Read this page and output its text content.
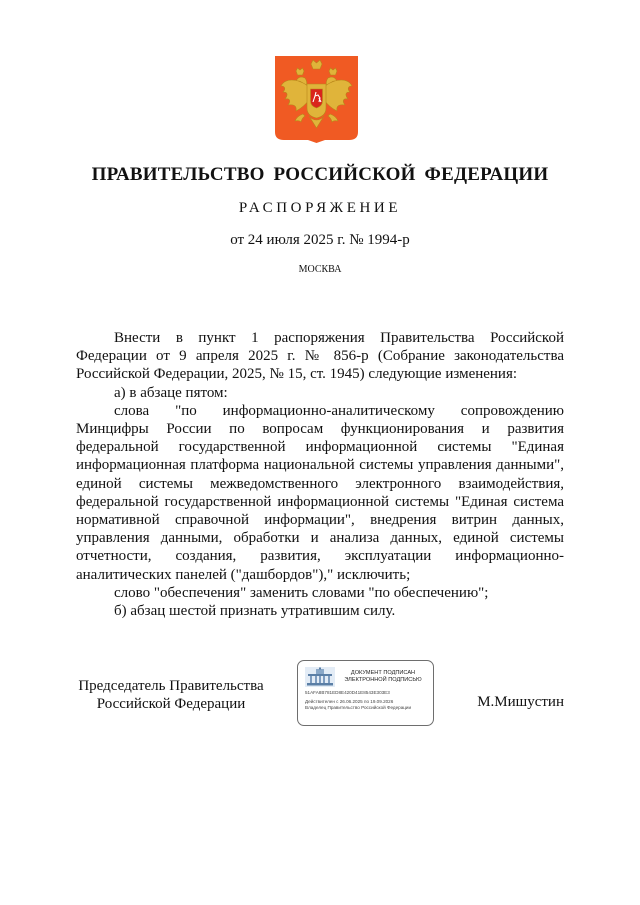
ПРАВИТЕЛЬСТВО РОССИЙСКОЙ ФЕДЕРАЦИИ
РАСПОРЯЖЕНИЕ
от 24 июля 2025 г. № 1994-р
МОСКВА

Внести в пункт 1 распоряжения Правительства Российской Федерации от 9 апреля 2025 г. № 856-р (Собрание законодательства Российской Федерации, 2025, № 15, ст. 1945) следующие изменения:

а) в абзаце пятом:

слова "по информационно-аналитическому сопровождению Минцифры России по вопросам функционирования и развития федеральной государственной информационной системы "Единая информационная платформа национальной системы управления данными", единой системы межведомственного электронного взаимодействия, федеральной государственной информационной системы "Единая система нормативной справочной информации", внедрения витрин данных, управления данными, обработки и анализа данных, единой системы отчетности, создания, развития, эксплуатации информационно-аналитических панелей ("дашбордов")," исключить;

слово "обеспечения" заменить словами "по обеспечению";

б) абзац шестой признать утратившим силу.

Председатель Правительства
Российской Федерации
ДОКУМЕНТ ПОДПИСАН
ЭЛЕКТРОННОЙ ПОДПИСЬЮ
51AFA8B781ED8E420D41E8543E303E3
Действителен с 26.06.2025 по 19.09.2026
Владелец Правительство Российской Федерации	М.Мишустин
